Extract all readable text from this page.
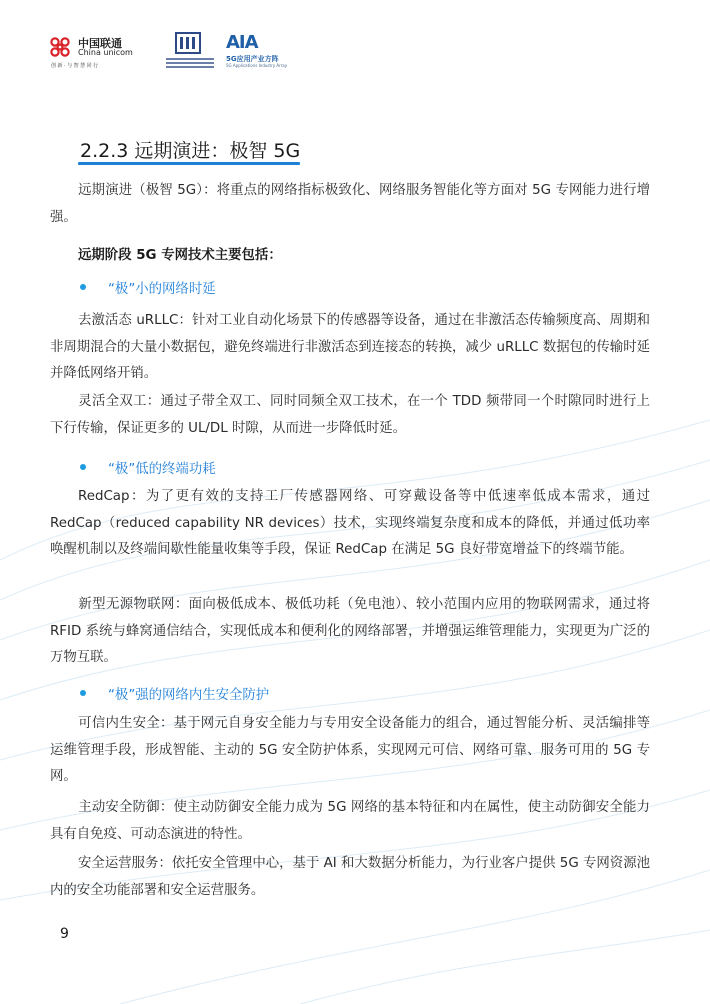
中国联通
China unicom
创新·与智慧同行
AIA
5G应用产业方阵
5G Applications Industry Array
2.2.3 远期演进：极智 5G
远期演进（极智 5G）：将重点的网络指标极致化、网络服务智能化等方面对 5G 专网能力进行增强。
远期阶段 5G 专网技术主要包括：
“极”小的网络时延
去激活态 uRLLC：针对工业自动化场景下的传感器等设备，通过在非激活态传输频度高、周期和非周期混合的大量小数据包，避免终端进行非激活态到连接态的转换，减少 uRLLC 数据包的传输时延并降低网络开销。
灵活全双工：通过子带全双工、同时同频全双工技术，在一个 TDD 频带同一个时隙同时进行上下行传输，保证更多的 UL/DL 时隙，从而进一步降低时延。
“极”低的终端功耗
RedCap：为了更有效的支持工厂传感器网络、可穿戴设备等中低速率低成本需求，通过 RedCap（reduced capability NR devices）技术，实现终端复杂度和成本的降低，并通过低功率唤醒机制以及终端间歇性能量收集等手段，保证 RedCap 在满足 5G 良好带宽增益下的终端节能。
新型无源物联网：面向极低成本、极低功耗（免电池）、较小范围内应用的物联网需求，通过将 RFID 系统与蜂窝通信结合，实现低成本和便利化的网络部署，并增强运维管理能力，实现更为广泛的万物互联。
“极”强的网络内生安全防护
可信内生安全：基于网元自身安全能力与专用安全设备能力的组合，通过智能分析、灵活编排等运维管理手段，形成智能、主动的 5G 安全防护体系，实现网元可信、网络可靠、服务可用的 5G 专网。
主动安全防御：使主动防御安全能力成为 5G 网络的基本特征和内在属性，使主动防御安全能力具有自免疫、可动态演进的特性。
安全运营服务：依托安全管理中心，基于 AI 和大数据分析能力，为行业客户提供 5G 专网资源池内的安全功能部署和安全运营服务。
9
